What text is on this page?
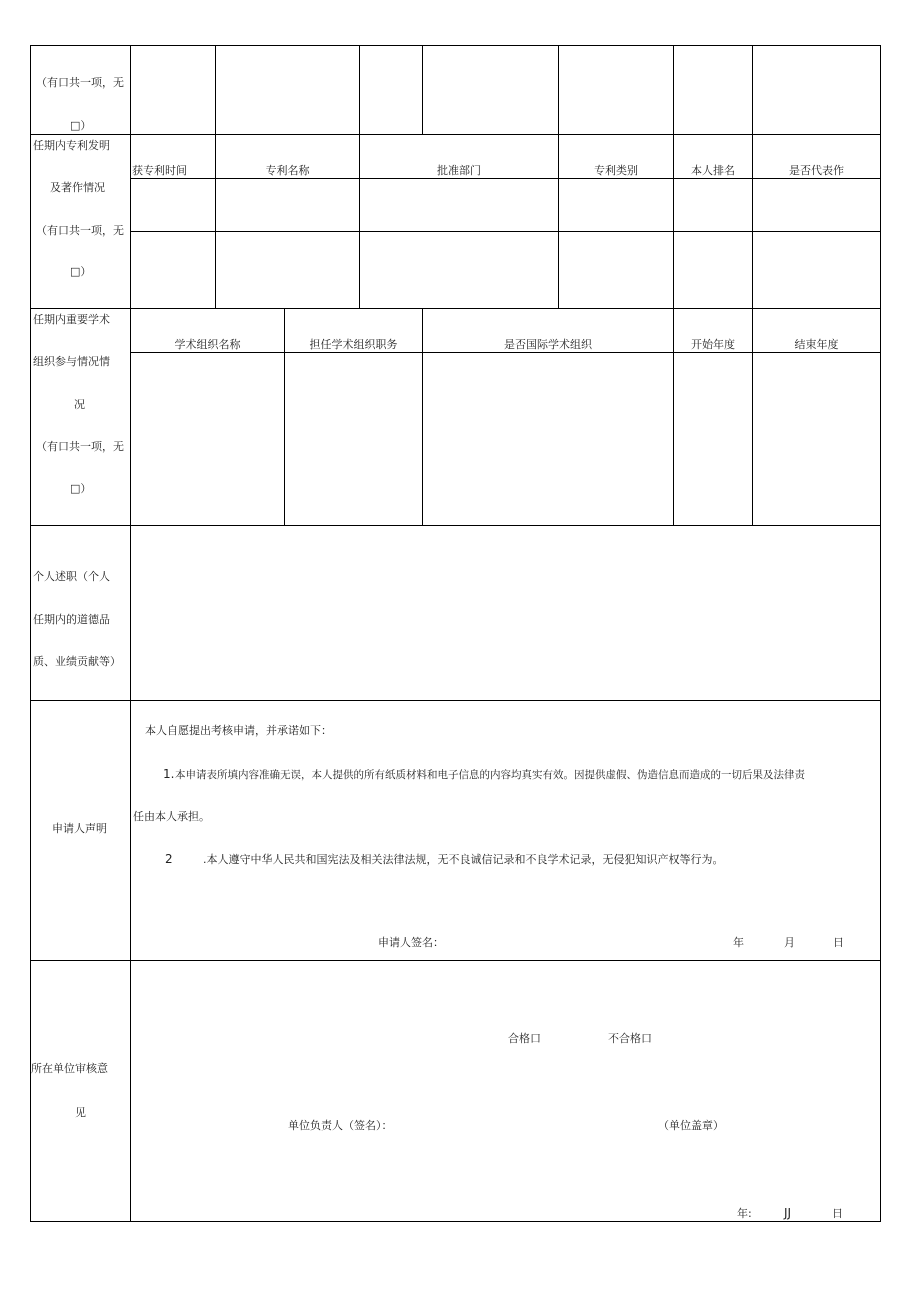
（有口共一项，无
□）
任期内专利发明
及著作情况
（有口共一项，无
□）
获专利时间	专利名称	批准部门	专利类别	本人排名	是否代表作
任期内重要学术
组织参与情况情
况
（有口共一项，无
□）
学术组织名称	担任学术组织职务	是否国际学术组织	开始年度	结束年度
个人述职（个人
任期内的道德品
质、业绩贡献等）
申请人声明
本人自愿提出考核申请，并承诺如下：
1. 本申请表所填内容准确无误，本人提供的所有纸质材料和电子信息的内容均真实有效。因提供虚假、伪造信息而造成的一切后果及法律责
任由本人承担。
2	.本人遵守中华人民共和国宪法及相关法律法规，无不良诚信记录和不良学术记录，无侵犯知识产权等行为。
申请人签名：	年	月	日
所在单位审核意
见
合格口	不合格口
单位负责人（签名）：	（单位盖章）
年:	JJ	日
